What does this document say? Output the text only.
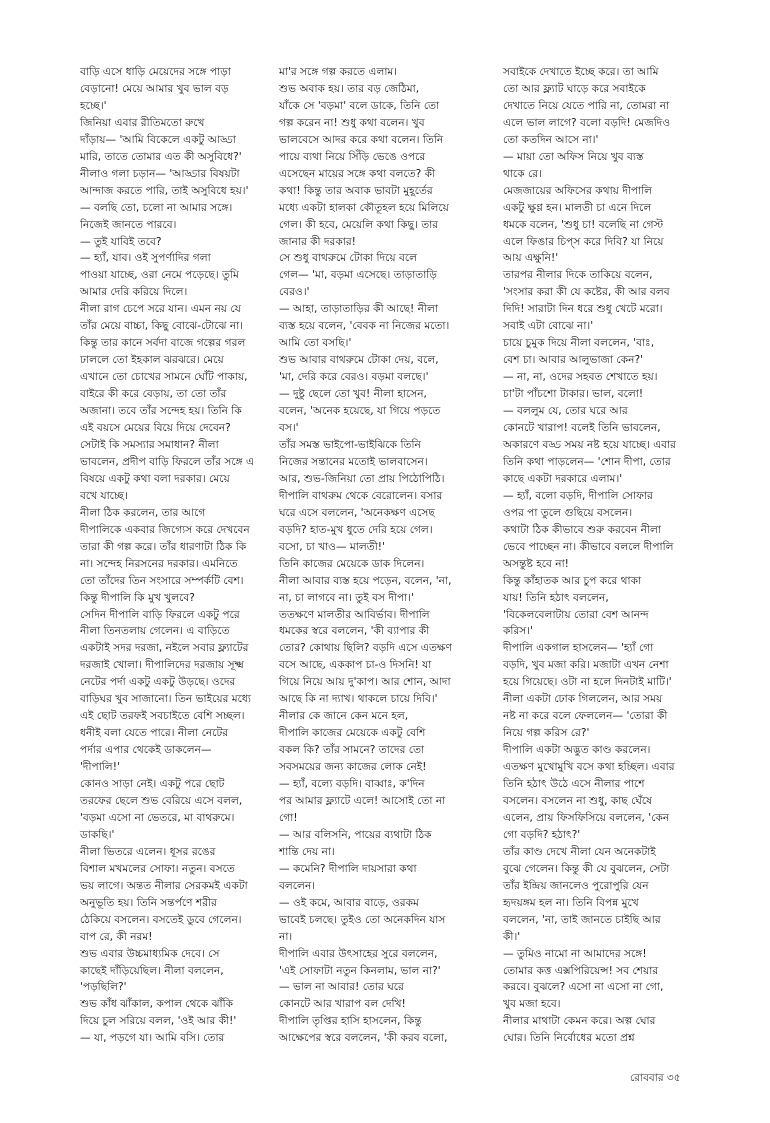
বাড়ি এসে ধাড়ি মেয়েদের সঙ্গে পাড়া
বেড়ানো! মেয়ে আমার খুব ভাল বড়
হচ্ছে।'

জিনিয়া এবার রীতিমতো রুখে
দাঁড়ায়— 'আমি বিকেলে একটু আড্ডা
মারি, তাতে তোমার এত কী অসুবিধে?'

নীলাও গলা চড়ান— 'আড্ডার বিষয়টা
আন্দাজ করতে পারি, তাই অসুবিধে হয়।'

— বলছি তো, চলো না আমার সঙ্গে।
নিজেই জানতে পারবে।

— তুই যাবিই তবে?

— হ্যাঁ, যাব। ওই সুপর্ণাদির গলা
পাওয়া যাচ্ছে, ওরা নেমে পড়েছে। তুমি
আমার দেরি করিয়ে দিলে।

নীলা রাগ চেপে সরে যান। এমন নয় যে
তাঁর মেয়ে বাচ্চা, কিছু বোঝে-টোঝে না।
কিন্তু তার কানে সর্বদা বাজে গল্পের গরল
ঢাললে তো ইহকাল ঝরঝরে। মেয়ে
এখানে তো চোখের সামনে ঘোঁট পাকায়,
বাইরে কী করে বেড়ায়, তা তো তাঁর
অজানা। তবে তাঁর সন্দেহ হয়। তিনি কি
এই বয়সে মেয়ের বিয়ে দিয়ে দেবেন?
সেটাই কি সমস্যার সমাধান? নীলা
ভাবলেন, প্রদীপ বাড়ি ফিরলে তাঁর সঙ্গে এ
বিষয়ে একটু কথা বলা দরকার। মেয়ে
বখে যাচ্ছে।

নীলা ঠিক করলেন, তার আগে
দীপালিকে একবার জিগ্যেস করে দেখবেন
তারা কী গল্প করে। তাঁর ধারণাটা ঠিক কি
না। সন্দেহ নিরসনের দরকার। এমনিতে
তো তাঁদের তিন সংসারে সম্পর্কটি বেশ।
কিন্তু দীপালি কি মুখ খুলবে?

সেদিন দীপালি বাড়ি ফিরলে একটু পরে
নীলা তিনতলায় গেলেন। এ বাড়িতে
একটাই সদর দরজা, নইলে সবার ফ্ল্যাটের
দরজাই খোলা। দীপালিদের দরজায় সূক্ষ্ম
নেটের পর্দা একটু একটু উড়ছে। ওদের
বাড়িঘর খুব সাজানো। তিন ভাইয়ের মধ্যে
এই ছোট তরফই সবচাইতে বেশি সচ্ছল।
ধনীই বলা যেতে পারে। নীলা নেটের
পর্দার এপার থেকেই ডাকলেন—
'দীপালি!'

কোনও সাড়া নেই। একটু পরে ছোট
তরফের ছেলে শুভ বেরিয়ে এসে বলল,
'বড়মা এসো না ভেতরে, মা বাথরুমে।
ডাকছি।'

নীলা ভিতরে এলেন। ধূসর রঙের
বিশাল মখমলের সোফা। নতুন। বসতে
ভয় লাগে। অন্তত নীলার সেরকমই একটা
অনুভূতি হয়। তিনি সন্তর্পণে শরীর
ঠেকিয়ে বসলেন। বসতেই ডুবে গেলেন।
বাপ রে, কী নরম!

শুভ এবার উচ্চমাধ্যমিক দেবে। সে
কাছেই দাঁড়িয়েছিল। নীলা বললেন,
'পড়ছিলি?'

শুভ কাঁধ ঝাঁকাল, কপাল থেকে ঝাঁকি
দিয়ে চুল সরিয়ে বলল, 'ওই আর কী!'

— যা, পড়গে যা। আমি বসি। তোর

মা'র সঙ্গে গল্প করতে এলাম।

শুভ অবাক হয়। তার বড় জেঠিমা,
যাঁকে সে 'বড়মা' বলে ডাকে, তিনি তো
গল্প করেন না! শুধু কথা বলেন। খুব
ভালবেসে আদর করে কথা বলেন। তিনি
পায়ে ব্যথা নিয়ে সিঁড়ি ভেঙে ওপরে
এসেছেন মায়ের সঙ্গে কথা বলতে? কী
কথা! কিন্তু তার অবাক ভাবটা মুহূর্তের
মধ্যে একটা হালকা কৌতূহল হয়ে মিলিয়ে
গেল। কী হবে, মেয়েলি কথা কিছু। তার
জানার কী দরকার!

সে শুধু বাথরুমে টোকা দিয়ে বলে
গেল— 'মা, বড়মা এসেছে। তাড়াতাড়ি
বেরও।'

— আহা, তাড়াতাড়ির কী আছে! নীলা
ব্যস্ত হয়ে বলেন, 'বেবক না নিজের মতো।
আমি তো বসছি।'

শুভ আবার বাথরুমে টোকা দেয়, বলে,
'মা, দেরি করে বেরও। বড়মা বলছে।'

— দুষ্টু ছেলে তো খুব! নীলা হাসেন,
বলেন, 'অনেক হয়েছে, যা গিয়ে পড়তে
বস।'

তাঁর সমস্ত ভাইপো-ভাইঝিকে তিনি
নিজের সন্তানের মতোই ভালবাসেন।
আর, শুভ-জিনিয়া তো প্রায় পিঠোপিঠি।

দীপালি বাথরুম থেকে বেরোলেন। বসার
ঘরে এসে বললেন, 'অনেকক্ষণ এসেছ
বড়দি? হাত-মুখ ধুতে দেরি হয়ে গেল।
বসো, চা খাও— মালতী!'

তিনি কাজের মেয়েকে ডাক দিলেন।
নীলা আবার ব্যস্ত হয়ে পড়েন, বলেন, 'না,
না, চা লাগবে না। তুই বস দীপা।'

ততক্ষণে মালতীর আবির্ভাব। দীপালি
ধমকের স্বরে বললেন, 'কী ব্যাপার কী
তোর? কোথায় ছিলি? বড়দি এসে এতক্ষণ
বসে আছে, এককাপ চা-ও দিসনি! যা
গিয়ে নিয়ে আয় দু'কাপ। আর শোন, আদা
আছে কি না দ্যাখ। থাকলে চায়ে দিবি।'

নীলার কে জানে কেন মনে হল,
দীপালি কাজের মেয়েকে একটু বেশি
বকল কি? তাঁর সামনে? তাদের তো
সবসময়ের জন্য কাজের লোক নেই!

— হ্যাঁ, বল্যে বড়দি। বাব্বাঃ, ক'দিন
পর আমার ফ্ল্যাটে এলে! আসোই তো না
গো!

— আর বলিসনি, পায়ের ব্যথাটা ঠিক
শান্তি দেয় না।

— কমেনি? দীপালি দায়সারা কথা
বললেন।

— ওই কমে, আবার বাড়ে, ওরকম
ভাবেই চলছে। তুইও তো অনেকদিন যাস
না।

দীপালি এবার উৎসাহের সুরে বললেন,
'এই সোফাটা নতুন কিনলাম, ভাল না?'

— ভাল না আবার! তোর ঘরে
কোনটে আর খারাপ বল দেখি!

দীপালি তৃপ্তির হাসি হাসলেন, কিন্তু
আক্ষেপের স্বরে বললেন, 'কী করব বলো,

সবাইকে দেখাতে ইচ্ছে করে। তা আমি
তো আর ফ্ল্যাট ঘাড়ে করে সবাইকে
দেখাতে নিয়ে যেতে পারি না, তোমরা না
এলে ভাল লাগে? বলো বড়দি! মেজদিও
তো কতদিন আসে না।'

— মায়া তো অফিস নিয়ে খুব ব্যস্ত
থাকে রে।

মেজজায়ের অফিসের কথায় দীপালি
একটু ক্ষুণ্ণ হন। মালতী চা এনে দিলে
ধমকে বলেন, 'শুধু চা! বলেছি না গেস্ট
এলে ফিঙার চিপ্‌স করে দিবি? যা নিয়ে
আয় এক্ষুনি!'

তারপর নীলার দিকে তাকিয়ে বলেন,
'সংসার করা কী যে কষ্টের, কী আর বলব
দিদি! সারাটা দিন ধরে শুধু খেটে মরো।
সবাই এটা বোঝে না।'

চায়ে চুমুক দিয়ে নীলা বললেন, 'বাঃ,
বেশ চা। আবার আলুভাজা কেন?'

— না, না, ওদের সহবত শেখাতে হয়।
চা'টা পাঁচশো টাকার। ভাল, বলো!

— বললুম যে, তোর ঘরে আর
কোনটে খারাপ! বলেই তিনি ভাবলেন,
অকারণে বড্ড সময় নষ্ট হয়ে যাচ্ছে। এবার
তিনি কথা পাড়লেন— 'শোন দীপা, তোর
কাছে একটা দরকারে এলাম।'

— হ্যাঁ, বলো বড়দি, দীপালি সোফার
ওপর পা তুলে গুছিয়ে বসলেন।

কথাটা ঠিক কীভাবে শুরু করবেন নীলা
ভেবে পাচ্ছেন না। কীভাবে বললে দীপালি
অসন্তুষ্ট হবে না!

কিন্তু কাঁহাতক আর চুপ করে থাকা
যায়! তিনি হঠাৎ বললেন,
'বিকেলবেলাটায় তোরা বেশ আনন্দ
করিস।'

দীপালি একগাল হাসলেন— 'হ্যাঁ গো
বড়দি, খুব মজা করি। মজাটা এখন নেশা
হয়ে গিয়েছে। ওটা না হলে দিনটাই মাটি।'

নীলা একটা ঢোক গিললেন, আর সময়
নষ্ট না করে বলে ফেললেন— 'তোরা কী
নিয়ে গল্প করিস রে?'

দীপালি একটা অদ্ভুত কাণ্ড করলেন।
এতক্ষণ মুখোমুখি বসে কথা হচ্ছিল। এবার
তিনি হঠাৎ উঠে এসে নীলার পাশে
বসলেন। বসলেন না শুধু, কাছ ঘেঁষে
এলেন, প্রায় ফিসফিসিয়ে বললেন, 'কেন
গো বড়দি? হঠাৎ?'

তাঁর কাণ্ড দেখে নীলা যেন অনেকটাই
বুঝে গেলেন। কিন্তু কী যে বুঝলেন, সেটা
তাঁর ইন্দ্রিয় জানলেও পুরোপুরি যেন
হৃদয়ঙ্গম হল না। তিনি বিপন্ন মুখে
বললেন, 'না, তাই জানতে চাইছি আর
কী।'

— তুমিও নামো না আমাদের সঙ্গে!
তোমার কত্ত এক্সপিরিয়েন্স! সব শেয়ার
করবে। বুঝলে? এসো না এসো না গো,
খুব মজা হবে।

নীলার মাথাটা কেমন করে। অল্প ঘোর
ঘোর। তিনি নির্বোধের মতো প্রশ্ন

রোববার ৩৫
